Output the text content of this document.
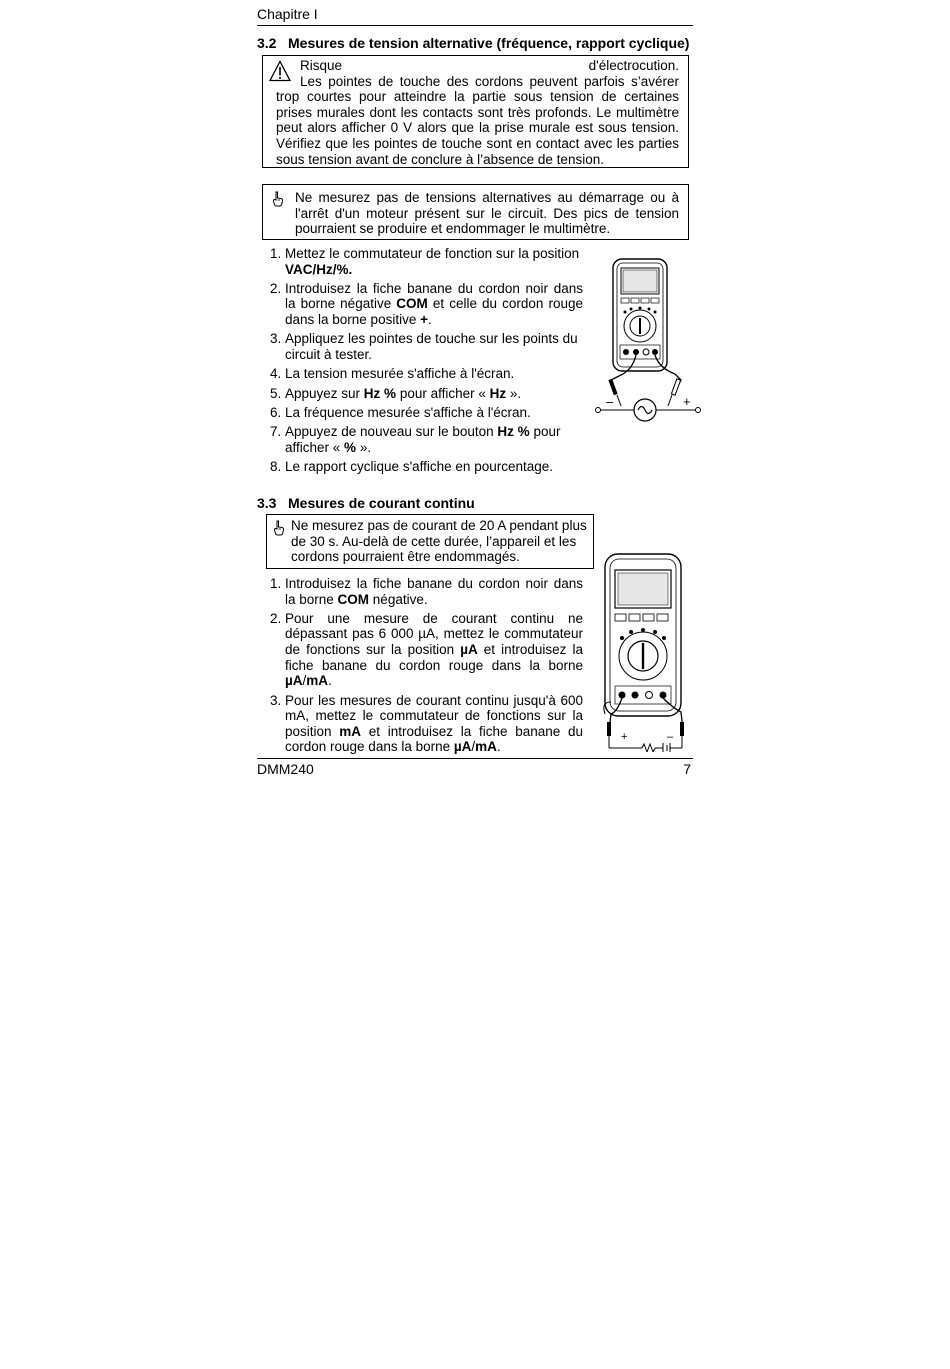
Chapitre I
3.2 Mesures de tension alternative (fréquence, rapport cyclique)
Risque	d'électrocution.
Les pointes de touche des cordons peuvent parfois s’avérer trop courtes pour atteindre la partie sous tension de certaines prises murales dont les contacts sont très profonds. Le multimètre peut alors afficher 0 V alors que la prise murale est sous tension. Vérifiez que les pointes de touche sont en contact avec les parties sous tension avant de conclure à l’absence de tension.
Ne mesurez pas de tensions alternatives au démarrage ou à l'arrêt d'un moteur présent sur le circuit. Des pics de tension pourraient se produire et endommager le multimètre.
1. Mettez le commutateur de fonction sur la position
VAC/Hz/%.
2. Introduisez la fiche banane du cordon noir dans la borne négative COM et celle du cordon rouge dans la borne positive +.
3. Appliquez les pointes de touche sur les points du circuit à tester.
4. La tension mesurée s'affiche à l'écran.
5. Appuyez sur Hz % pour afficher « Hz ».
6. La fréquence mesurée s'affiche à l'écran.
7. Appuyez de nouveau sur le bouton Hz % pour afficher « % ».
8. Le rapport cyclique s'affiche en pourcentage.
–	+
3.3 Mesures de courant continu
Ne mesurez pas de courant de 20 A pendant plus de 30 s. Au-delà de cette durée, l’appareil et les cordons pourraient être endommagés.
1. Introduisez la fiche banane du cordon noir dans la borne COM négative.
2. Pour une mesure de courant continu ne dépassant pas 6 000 µA, mettez le commutateur de fonctions sur la position µA et introduisez la fiche banane du cordon rouge dans la borne µA/mA.
3. Pour les mesures de courant continu jusqu'à 600 mA, mettez le commutateur de fonctions sur la position mA et introduisez la fiche banane du cordon rouge dans la borne µA/mA.
+	–
DMM240	7
